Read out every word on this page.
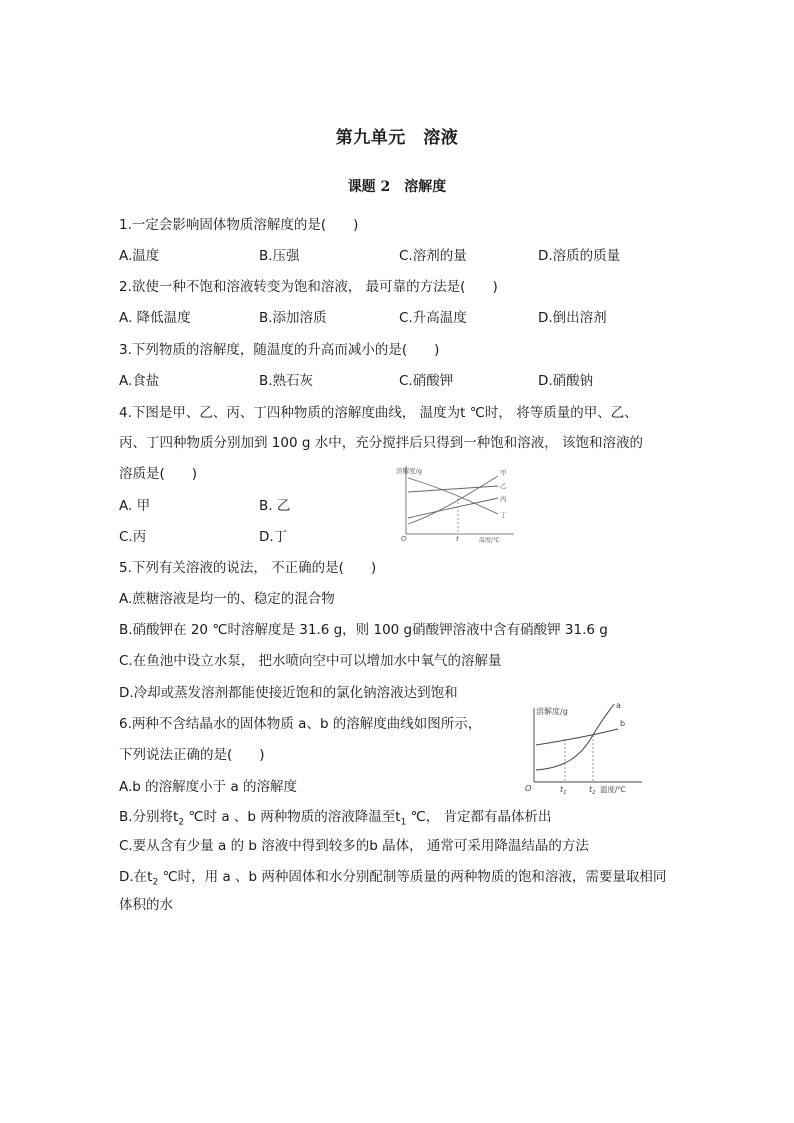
第九单元　溶液
课题 2　溶解度
1.一定会影响固体物质溶解度的是(　　)
A.温度	B.压强	C.溶剂的量	D.溶质的质量
2.欲使一种不饱和溶液转变为饱和溶液， 最可靠的方法是(　　)
A. 降低温度	B.添加溶质	C.升高温度	D.倒出溶剂
3.下列物质的溶解度，随温度的升高而减小的是(　　)
A.食盐	B.熟石灰	C.硝酸钾	D.硝酸钠
4.下图是甲、乙、丙、丁四种物质的溶解度曲线， 温度为t ℃时， 将等质量的甲、乙、
丙、丁四种物质分别加到 100 g 水中，充分搅拌后只得到一种饱和溶液， 该饱和溶液的
溶质是(　　)
A. 甲	B. 乙
C.丙	D.丁
溶解度/g
O	t	温度/℃
甲
乙
丙
丁
5.下列有关溶液的说法， 不正确的是(　　)
A.蔗糖溶液是均一的、稳定的混合物
B.硝酸钾在 20 ℃时溶解度是 31.6 g，则 100 g硝酸钾溶液中含有硝酸钾 31.6 g
C.在鱼池中设立水泵， 把水喷向空中可以增加水中氧气的溶解量
D.冷却或蒸发溶剂都能使接近饱和的氯化钠溶液达到饱和
6.两种不含结晶水的固体物质 a、b 的溶解度曲线如图所示，
下列说法正确的是(　　)
A.b 的溶解度小于 a 的溶解度
B.分别将$t_2$ ℃时 a 、b 两种物质的溶液降温至$t_1$ ℃， 肯定都有晶体析出
C.要从含有少量 a 的 b 溶液中得到较多的b 晶体， 通常可采用降温结晶的方法
D.在$t_2$ ℃时，用 a 、b 两种固体和水分别配制等质量的两种物质的饱和溶液，需要量取相同
体积的水
溶解度/g
O	$t_1$	$t_2$ 温度/℃
a
b
